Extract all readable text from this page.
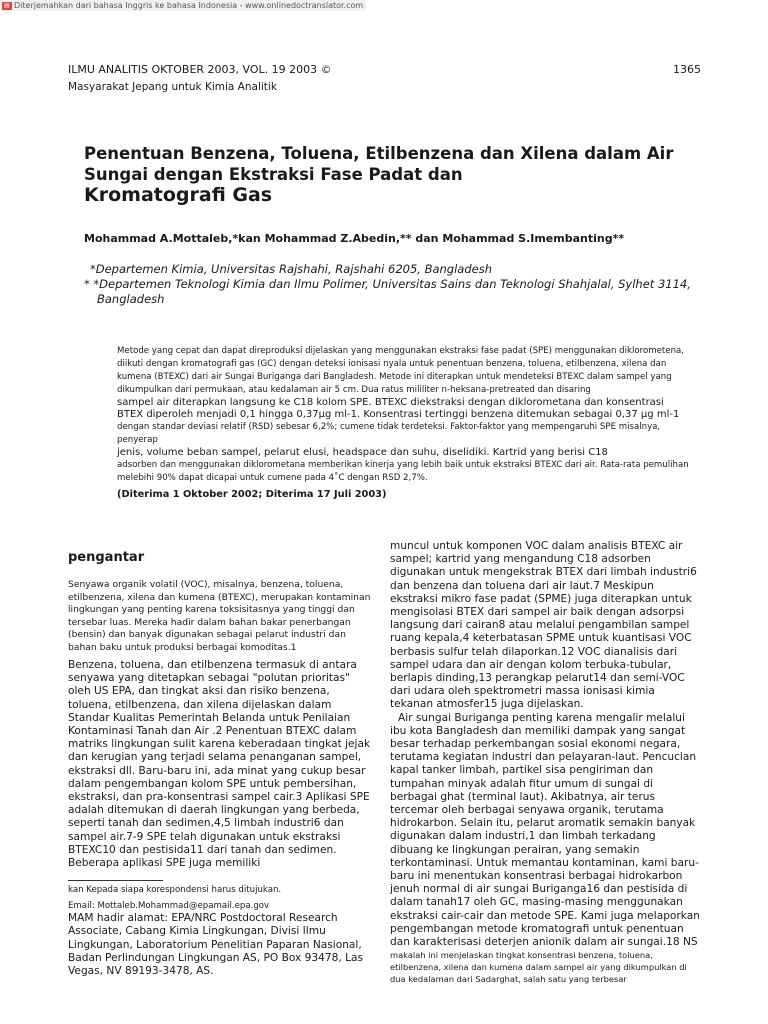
▤ Diterjemahkan dari bahasa Inggris ke bahasa Indonesia - www.onlinedoctranslator.com
ILMU ANALITIS OKTOBER 2003, VOL. 19 2003 ©	1365
Masyarakat Jepang untuk Kimia Analitik
Penentuan Benzena, Toluena, Etilbenzena dan Xilena dalam Air
Sungai dengan Ekstraksi Fase Padat dan
Kromatografi Gas
Mohammad A.Mottaleb,*kan Mohammad Z.Abedin,** dan Mohammad S.Imembanting**
*Departemen Kimia, Universitas Rajshahi, Rajshahi 6205, Bangladesh
* *Departemen Teknologi Kimia dan Ilmu Polimer, Universitas Sains dan Teknologi Shahjalal, Sylhet 3114,
Bangladesh
Metode yang cepat dan dapat direproduksi dijelaskan yang menggunakan ekstraksi fase padat (SPE) menggunakan diklorometena, diikuti dengan kromatografi gas (GC) dengan deteksi ionisasi nyala untuk penentuan benzena, toluena, etilbenzena, xilena dan kumena (BTEXC) dari air Sungai Buriganga dari Bangladesh. Metode ini diterapkan untuk mendeteksi BTEXC dalam sampel yang dikumpulkan dari permukaan, atau kedalaman air 5 cm. Dua ratus mililiter n-heksana-pretreated dan disaring
sampel air diterapkan langsung ke C18 kolom SPE. BTEXC diekstraksi dengan diklorometana dan konsentrasi BTEX diperoleh menjadi 0,1 hingga 0,37μg ml-1. Konsentrasi tertinggi benzena ditemukan sebagai 0,37 μg ml-1
dengan standar deviasi relatif (RSD) sebesar 6,2%; cumene tidak terdeteksi. Faktor-faktor yang mempengaruhi SPE misalnya, penyerap
jenis, volume beban sampel, pelarut elusi, headspace dan suhu, diselidiki. Kartrid yang berisi C18
adsorben dan menggunakan diklorometana memberikan kinerja yang lebih baik untuk ekstraksi BTEXC dari air. Rata-rata pemulihan melebihi 90% dapat dicapai untuk cumene pada 4˚C dengan RSD 2,7%.
(Diterima 1 Oktober 2002; Diterima 17 Juli 2003)
pengantar

Senyawa organik volatil (VOC), misalnya, benzena, toluena, etilbenzena, xilena dan kumena (BTEXC), merupakan kontaminan lingkungan yang penting karena toksisitasnya yang tinggi dan tersebar luas. Mereka hadir dalam bahan bakar penerbangan (bensin) dan banyak digunakan sebagai pelarut industri dan bahan baku untuk produksi berbagai komoditas.1

Benzena, toluena, dan etilbenzena termasuk di antara senyawa yang ditetapkan sebagai "polutan prioritas" oleh US EPA, dan tingkat aksi dan risiko benzena, toluena, etilbenzena, dan xilena dijelaskan dalam Standar Kualitas Pemerintah Belanda untuk Penilaian Kontaminasi Tanah dan Air .2 Penentuan BTEXC dalam matriks lingkungan sulit karena keberadaan tingkat jejak dan kerugian yang terjadi selama penanganan sampel, ekstraksi dll. Baru-baru ini, ada minat yang cukup besar dalam pengembangan kolom SPE untuk pembersihan, ekstraksi, dan pra-konsentrasi sampel cair.3 Aplikasi SPE adalah ditemukan di daerah lingkungan yang berbeda, seperti tanah dan sedimen,4,5 limbah industri6 dan sampel air.7-9 SPE telah digunakan untuk ekstraksi BTEXC10 dan pestisida11 dari tanah dan sedimen. Beberapa aplikasi SPE juga memiliki

kan Kepada siapa korespondensi harus ditujukan.

Email: Mottaleb.Mohammad@epamail.epa.gov

MAM hadir alamat: EPA/NRC Postdoctoral Research Associate, Cabang Kimia Lingkungan, Divisi Ilmu Lingkungan, Laboratorium Penelitian Paparan Nasional, Badan Perlindungan Lingkungan AS, PO Box 93478, Las Vegas, NV 89193-3478, AS.

muncul untuk komponen VOC dalam analisis BTEXC air sampel; kartrid yang mengandung C18 adsorben digunakan untuk mengekstrak BTEX dari limbah industri6 dan benzena dan toluena dari air laut.7 Meskipun ekstraksi mikro fase padat (SPME) juga diterapkan untuk mengisolasi BTEX dari sampel air baik dengan adsorpsi langsung dari cairan8 atau melalui pengambilan sampel ruang kepala,4 keterbatasan SPME untuk kuantisasi VOC berbasis sulfur telah dilaporkan.12 VOC dianalisis dari sampel udara dan air dengan kolom terbuka-tubular, berlapis dinding,13 perangkap pelarut14 dan semi-VOC dari udara oleh spektrometri massa ionisasi kimia tekanan atmosfer15 juga dijelaskan.

Air sungai Buriganga penting karena mengalir melalui ibu kota Bangladesh dan memiliki dampak yang sangat besar terhadap perkembangan sosial ekonomi negara, terutama kegiatan industri dan pelayaran-laut. Pencucian kapal tanker limbah, partikel sisa pengiriman dan tumpahan minyak adalah fitur umum di sungai di berbagai ghat (terminal laut). Akibatnya, air terus tercemar oleh berbagai senyawa organik, terutama hidrokarbon. Selain itu, pelarut aromatik semakin banyak digunakan dalam industri,1 dan limbah terkadang dibuang ke lingkungan perairan, yang semakin terkontaminasi. Untuk memantau kontaminan, kami baru-baru ini menentukan konsentrasi berbagai hidrokarbon jenuh normal di air sungai Buriganga16 dan pestisida di dalam tanah17 oleh GC, masing-masing menggunakan ekstraksi cair-cair dan metode SPE. Kami juga melaporkan pengembangan metode kromatografi untuk penentuan dan karakterisasi deterjen anionik dalam air sungai.18 NS

makalah ini menjelaskan tingkat konsentrasi benzena, toluena, etilbenzena, xilena dan kumena dalam sampel air yang dikumpulkan di dua kedalaman dari Sadarghat, salah satu yang terbesar
